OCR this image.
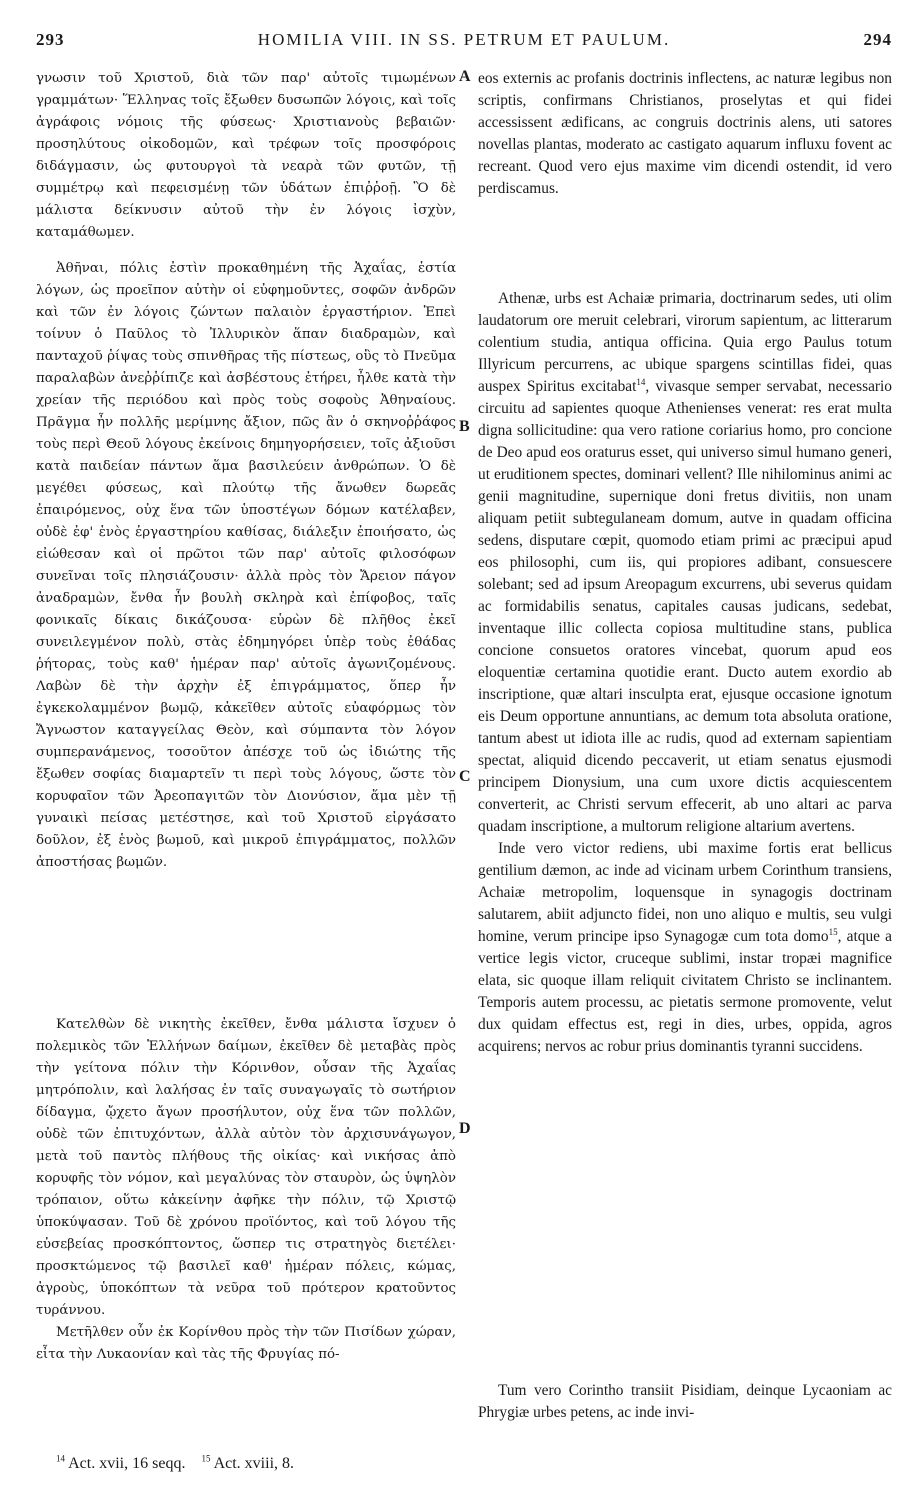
293	HOMILIA VIII. IN SS. PETRUM ET PAULUM.	294

γνωσιν τοῦ Χριστοῦ, διὰ τῶν παρ' αὐτοῖς τιμωμένων γραμμάτων· Ἕλληνας τοῖς ἔξωθεν δυσωπῶν λόγοις, καὶ τοῖς ἀγράφοις νόμοις τῆς φύσεως· Χριστιανοὺς βεβαιῶν· προσηλύτους οἰκοδομῶν, καὶ τρέφων τοῖς προσφόροις διδάγμασιν, ὡς φυτουργοὶ τὰ νεαρὰ τῶν φυτῶν, τῇ συμμέτρῳ καὶ πεφεισμένῃ τῶν ὑδάτων ἐπιῤῥοῇ. Ὃ δὲ μάλιστα δείκνυσιν αὐτοῦ τὴν ἐν λόγοις ἰσχὺν, καταμάθωμεν.

Ἀθῆναι, πόλις ἐστὶν προκαθημένη τῆς Ἀχαΐας, ἑστία λόγων, ὡς προεῖπον αὐτὴν οἱ εὐφημοῦντες, σοφῶν ἀνδρῶν καὶ τῶν ἐν λόγοις ζώντων παλαιὸν ἐργαστήριον. Ἐπεὶ τοίνυν ὁ Παῦλος τὸ Ἰλλυρικὸν ἅπαν διαδραμὼν, καὶ πανταχοῦ ῥίψας τοὺς σπινθῆρας τῆς πίστεως, οὓς τὸ Πνεῦμα παραλαβὼν ἀνεῤῥίπιζε καὶ ἀσβέστους ἐτήρει, ἦλθε κατὰ τὴν χρείαν τῆς περιόδου καὶ πρὸς τοὺς σοφοὺς Ἀθηναίους. Πρᾶγμα ἦν πολλῆς μερίμνης ἄξιον, πῶς ἂν ὁ σκηνοῤῥάφος τοὺς περὶ Θεοῦ λόγους ἐκείνοις δημηγορήσειεν, τοῖς ἀξιοῦσι κατὰ παιδείαν πάντων ἅμα βασιλεύειν ἀνθρώπων. Ὁ δὲ μεγέθει φύσεως, καὶ πλούτῳ τῆς ἄνωθεν δωρεᾶς ἐπαιρόμενος, οὐχ ἕνα τῶν ὑποστέγων δόμων κατέλαβεν, οὐδὲ ἐφ' ἑνὸς ἐργαστηρίου καθίσας, διάλεξιν ἐποιήσατο, ὡς εἰώθεσαν καὶ οἱ πρῶτοι τῶν παρ' αὐτοῖς φιλοσόφων συνεῖναι τοῖς πλησιάζουσιν· ἀλλὰ πρὸς τὸν Ἄρειον πάγον ἀναδραμὼν, ἔνθα ἦν βουλὴ σκληρὰ καὶ ἐπίφοβος, ταῖς φονικαῖς δίκαις δικάζουσα· εὑρὼν δὲ πλῆθος ἐκεῖ συνειλεγμένον πολὺ, στὰς ἐδημηγόρει ὑπὲρ τοὺς ἐθάδας ῥήτορας, τοὺς καθ' ἡμέραν παρ' αὐτοῖς ἀγωνιζομένους. Λαβὼν δὲ τὴν ἀρχὴν ἐξ ἐπιγράμματος, ὅπερ ἦν ἐγκεκολαμμένον βωμῷ, κἀκεῖθεν αὐτοῖς εὐαφόρμως τὸν Ἄγνωστον καταγγείλας Θεὸν, καὶ σύμπαντα τὸν λόγον συμπερανάμενος, τοσοῦτον ἀπέσχε τοῦ ὡς ἰδιώτης τῆς ἔξωθεν σοφίας διαμαρτεῖν τι περὶ τοὺς λόγους, ὥστε τὸν κορυφαῖον τῶν Ἀρεοπαγιτῶν τὸν Διονύσιον, ἅμα μὲν τῇ γυναικὶ πείσας μετέστησε, καὶ τοῦ Χριστοῦ εἰργάσατο δοῦλον, ἐξ ἑνὸς βωμοῦ, καὶ μικροῦ ἐπιγράμματος, πολλῶν ἀποστήσας βωμῶν.

Κατελθὼν δὲ νικητὴς ἐκεῖθεν, ἔνθα μάλιστα ἴσχυεν ὁ πολεμικὸς τῶν Ἑλλήνων δαίμων, ἐκεῖθεν δὲ μεταβὰς πρὸς τὴν γείτονα πόλιν τὴν Κόρινθον, οὖσαν τῆς Ἀχαΐας μητρόπολιν, καὶ λαλήσας ἐν ταῖς συναγωγαῖς τὸ σωτήριον δίδαγμα, ᾤχετο ἄγων προσήλυτον, οὐχ ἕνα τῶν πολλῶν, οὐδὲ τῶν ἐπιτυχόντων, ἀλλὰ αὐτὸν τὸν ἀρχισυνάγωγον, μετὰ τοῦ παντὸς πλήθους τῆς οἰκίας· καὶ νικήσας ἀπὸ κορυφῆς τὸν νόμον, καὶ μεγαλύνας τὸν σταυρὸν, ὡς ὑψηλὸν τρόπαιον, οὕτω κἀκείνην ἀφῆκε τὴν πόλιν, τῷ Χριστῷ ὑποκύψασαν. Τοῦ δὲ χρόνου προϊόντος, καὶ τοῦ λόγου τῆς εὐσεβείας προσκόπτοντος, ὥσπερ τις στρατηγὸς διετέλει· προσκτώμενος τῷ βασιλεῖ καθ' ἡμέραν πόλεις, κώμας, ἀγροὺς, ὑποκόπτων τὰ νεῦρα τοῦ πρότερον κρατοῦντος τυράννου.

Μετῆλθεν οὖν ἐκ Κορίνθου πρὸς τὴν τῶν Πισίδων χώραν, εἶτα τὴν Λυκαονίαν καὶ τὰς τῆς Φρυγίας πό-

eos externis ac profanis doctrinis inflectens, ac naturæ legibus non scriptis, confirmans Christianos, proselytas et qui fidei accessissent ædificans, ac congruis doctrinis alens, uti satores novellas plantas, moderato ac castigato aquarum influxu fovent ac recreant. Quod vero ejus maxime vim dicendi ostendit, id vero perdiscamus.

Athenæ, urbs est Achaiæ primaria, doctrinarum sedes, uti olim laudatorum ore meruit celebrari, virorum sapientum, ac litterarum colentium studia, antiqua officina. Quia ergo Paulus totum Illyricum percurrens, ac ubique spargens scintillas fidei, quas auspex Spiritus excitabat$^{14}$, vivasque semper servabat, necessario circuitu ad sapientes quoque Athenienses venerat: res erat multa digna sollicitudine: qua vero ratione coriarius homo, pro concione de Deo apud eos oraturus esset, qui universo simul humano generi, ut eruditionem spectes, dominari vellent? Ille nihilominus animi ac genii magnitudine, supernique doni fretus divitiis, non unam aliquam petiit subtegulaneam domum, autve in quadam officina sedens, disputare cœpit, quomodo etiam primi ac præcipui apud eos philosophi, cum iis, qui propiores adibant, consuescere solebant; sed ad ipsum Areopagum excurrens, ubi severus quidam ac formidabilis senatus, capitales causas judicans, sedebat, inventaque illic collecta copiosa multitudine stans, publica concione consuetos oratores vincebat, quorum apud eos eloquentiæ certamina quotidie erant. Ducto autem exordio ab inscriptione, quæ altari insculpta erat, ejusque occasione ignotum eis Deum opportune annuntians, ac demum tota absoluta oratione, tantum abest ut idiota ille ac rudis, quod ad externam sapientiam spectat, aliquid dicendo peccaverit, ut etiam senatus ejusmodi principem Dionysium, una cum uxore dictis acquiescentem converterit, ac Christi servum effecerit, ab uno altari ac parva quadam inscriptione, a multorum religione altarium avertens.

Inde vero victor rediens, ubi maxime fortis erat bellicus gentilium dæmon, ac inde ad vicinam urbem Corinthum transiens, Achaiæ metropolim, loquensque in synagogis doctrinam salutarem, abiit adjuncto fidei, non uno aliquo e multis, seu vulgi homine, verum principe ipso Synagogæ cum tota domo$^{15}$, atque a vertice legis victor, cruceque sublimi, instar tropæi magnifice elata, sic quoque illam reliquit civitatem Christo se inclinantem. Temporis autem processu, ac pietatis sermone promovente, velut dux quidam effectus est, regi in dies, urbes, oppida, agros acquirens; nervos ac robur prius dominantis tyranni succidens.

Tum vero Corintho transiit Pisidiam, deinque Lycaoniam ac Phrygiæ urbes petens, ac inde invi-

A
B
C
D
$^{14}$ Act. xvii, 16 seqq. $^{15}$ Act. xviii, 8.
